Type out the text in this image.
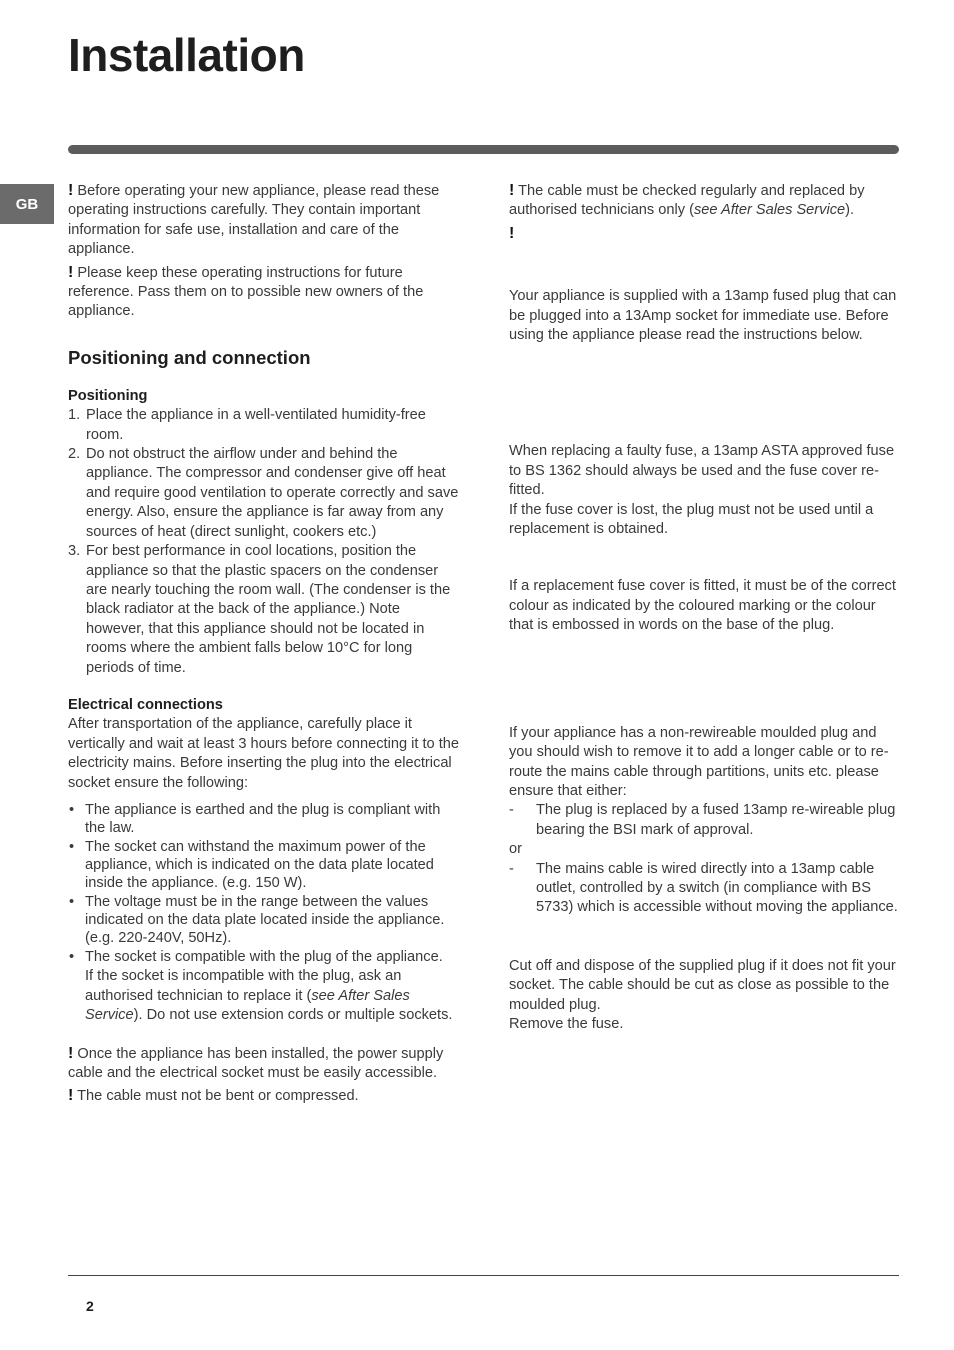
Installation
GB

! Before operating your new appliance, please read these operating instructions carefully. They contain important information for safe use, installation and care of the appliance.

! Please keep these operating instructions for future reference. Pass them on to possible new owners of the appliance.

Positioning and connection

Positioning

1. Place the appliance in a well-ventilated humidity-free room.
2. Do not obstruct the airflow under and behind the appliance. The compressor and condenser give off heat and require good ventilation to operate correctly and save energy. Also, ensure the appliance is far away from any sources of heat (direct sunlight, cookers etc.)
3. For best performance in cool locations, position the appliance so that the plastic spacers on the condenser are nearly touching the room wall. (The condenser is the black radiator at the back of the appliance.) Note however, that this appliance should not be located in rooms where the ambient falls below 10°C for long periods of time.

Electrical connections

After transportation of the appliance, carefully place it vertically and wait at least 3 hours before connecting it to the electricity mains. Before inserting the plug into the electrical socket ensure the following:

• The appliance is earthed and the plug is compliant with the law.
• The socket can withstand the maximum power of the appliance, which is indicated on the data plate located inside the appliance. (e.g. 150 W).
• The voltage must be in the range between the values indicated on the data plate located inside the appliance. (e.g. 220-240V, 50Hz).
• The socket is compatible with the plug of the appliance.
If the socket is incompatible with the plug, ask an authorised technician to replace it (see After Sales Service). Do not use extension cords or multiple sockets.

! Once the appliance has been installed, the power supply cable and the electrical socket must be easily accessible.

! The cable must not be bent or compressed.

! The cable must be checked regularly and replaced by authorised technicians only (see After Sales Service).

!

Your appliance is supplied with a 13amp fused plug that can be plugged into a 13Amp socket for immediate use. Before using the appliance please read the instructions below.

When replacing a faulty fuse, a 13amp ASTA approved fuse to BS 1362 should always be used and the fuse cover re-fitted.

If the fuse cover is lost, the plug must not be used until a replacement is obtained.

If a replacement fuse cover is fitted, it must be of the correct colour as indicated by the coloured marking or the colour that is embossed in words on the base of the plug.

If your appliance has a non-rewireable moulded plug and you should wish to remove it to add a longer cable or to re-route the mains cable through partitions, units etc. please ensure that either:

- The plug is replaced by a fused 13amp re-wireable plug bearing the BSI mark of approval.

or

- The mains cable is wired directly into a 13amp cable outlet, controlled by a switch (in compliance with BS 5733) which is accessible without moving the appliance.

Cut off and dispose of the supplied plug if it does not fit your socket. The cable should be cut as close as possible to the moulded plug.

Remove the fuse.

2
